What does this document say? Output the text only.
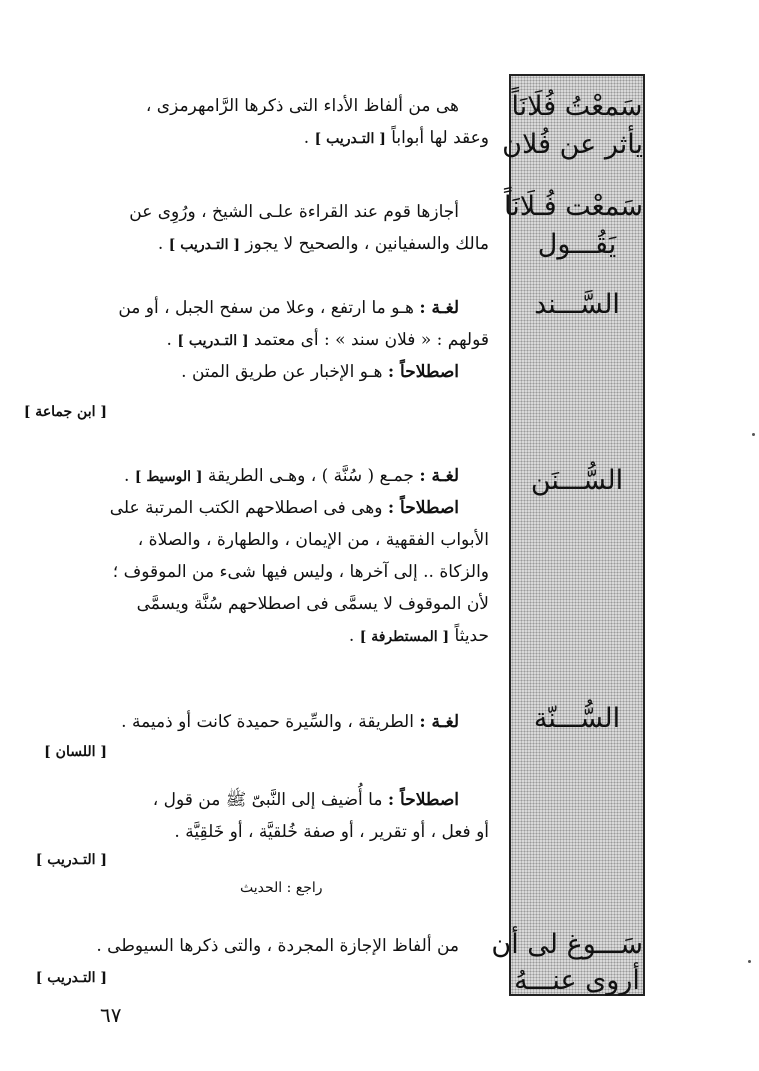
سَمعْتُ فُلَانَاً
يأثر عن فُلان
سَمعْت فُـلَانَاً
يَقُـــول
السَّـــند
السُّـــنَن
السُّـــنّة
سَـــوغ لى أن
أروى عنـــهُ
هى من ألفاظ الأداء التى ذكرها الرَّامهرمزى ،
وعقد لها أبواباً [ التـدريب ] .
أجازها قوم عند القراءة علـى الشيخ ، ورُوِى عن
مالك والسفيانين ، والصحيح لا يجوز [ التـدريب ] .
لغـة : هـو ما ارتفع ، وعلا من سفح الجبل ، أو من
قولهم : « فلان سند » : أى معتمد [ التـدريب ] .
اصطلاحاً : هـو الإخبار عن طريق المتن .
[ ابن جماعة ]
لغـة : جمـع ( سُنَّة ) ، وهـى الطريقة [ الوسيط ] .
اصطلاحاً : وهى فى اصطلاحهم الكتب المرتبة على
الأبواب الفقهية ، من الإيمان ، والطهارة ، والصلاة ،
والزكاة .. إلى آخرها ، وليس فيها شىء من الموقوف ؛
لأن الموقوف لا يسمَّى فى اصطلاحهم سُنَّة ويسمَّى
حديثاً [ المستطرفة ] .
لغـة : الطريقة ، والسِّيرة حميدة كانت أو ذميمة .
[ اللسان ]
اصطلاحاً : ما أُضيف إلى النَّبىّ ﷺ من قول ،
أو فعل ، أو تقرير ، أو صفة خُلقيَّة ، أو خَلقِيَّة .
[ التـدريب ]
راجع : الحديث
من ألفاظ الإجازة المجردة ، والتى ذكرها السيوطى .
[ التـدريب ]
٦٧
